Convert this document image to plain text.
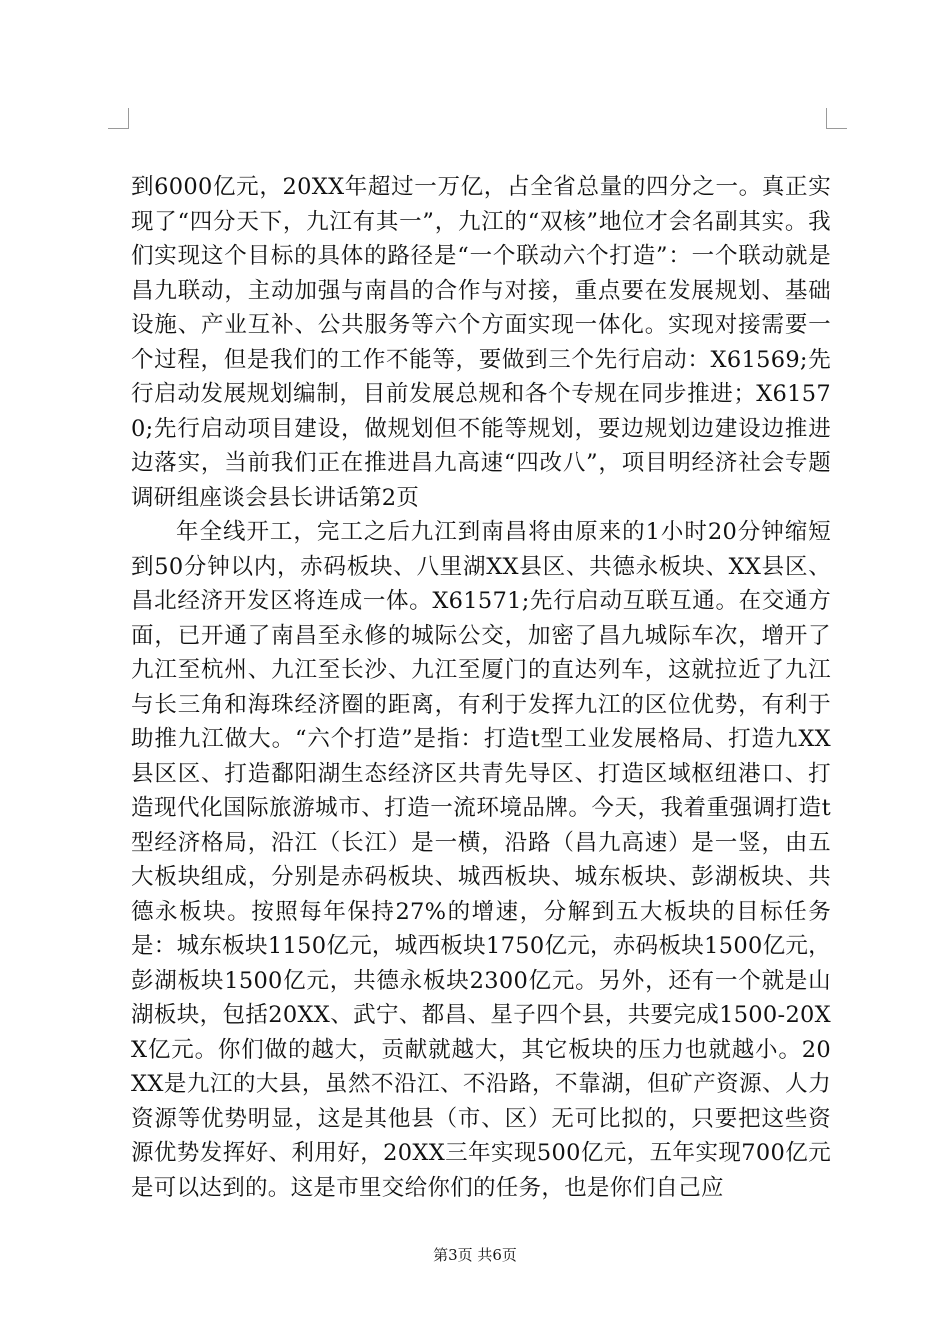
到6000亿元，20XX年超过一万亿，占全省总量的四分之一。真正实现了“四分天下，九江有其一”，九江的“双核”地位才会名副其实。我们实现这个目标的具体的路径是“一个联动六个打造”：一个联动就是昌九联动，主动加强与南昌的合作与对接，重点要在发展规划、基础设施、产业互补、公共服务等六个方面实现一体化。实现对接需要一个过程，但是我们的工作不能等，要做到三个先行启动：X61569;先行启动发展规划编制，目前发展总规和各个专规在同步推进；X61570;先行启动项目建设，做规划但不能等规划，要边规划边建设边推进边落实，当前我们正在推进昌九高速“四改八”，项目明经济社会专题调研组座谈会县长讲话第2页

年全线开工，完工之后九江到南昌将由原来的1小时20分钟缩短到50分钟以内，赤码板块、八里湖XX县区、共德永板块、XX县区、昌北经济开发区将连成一体。X61571;先行启动互联互通。在交通方面，已开通了南昌至永修的城际公交，加密了昌九城际车次，增开了九江至杭州、九江至长沙、九江至厦门的直达列车，这就拉近了九江与长三角和海珠经济圈的距离，有利于发挥九江的区位优势，有利于助推九江做大。“六个打造”是指：打造t型工业发展格局、打造九XX县区区、打造鄱阳湖生态经济区共青先导区、打造区域枢纽港口、打造现代化国际旅游城市、打造一流环境品牌。今天，我着重强调打造t型经济格局，沿江（长江）是一横，沿路（昌九高速）是一竖，由五大板块组成，分别是赤码板块、城西板块、城东板块、彭湖板块、共德永板块。按照每年保持27%的增速，分解到五大板块的目标任务是：城东板块1150亿元，城西板块1750亿元，赤码板块1500亿元，彭湖板块1500亿元，共德永板块2300亿元。另外，还有一个就是山湖板块，包括20XX、武宁、都昌、星子四个县，共要完成1500-20XX亿元。你们做的越大，贡献就越大，其它板块的压力也就越小。20XX是九江的大县，虽然不沿江、不沿路，不靠湖，但矿产资源、人力资源等优势明显，这是其他县（市、区）无可比拟的，只要把这些资源优势发挥好、利用好，20XX三年实现500亿元，五年实现700亿元是可以达到的。这是市里交给你们的任务，也是你们自己应

第3页 共6页
